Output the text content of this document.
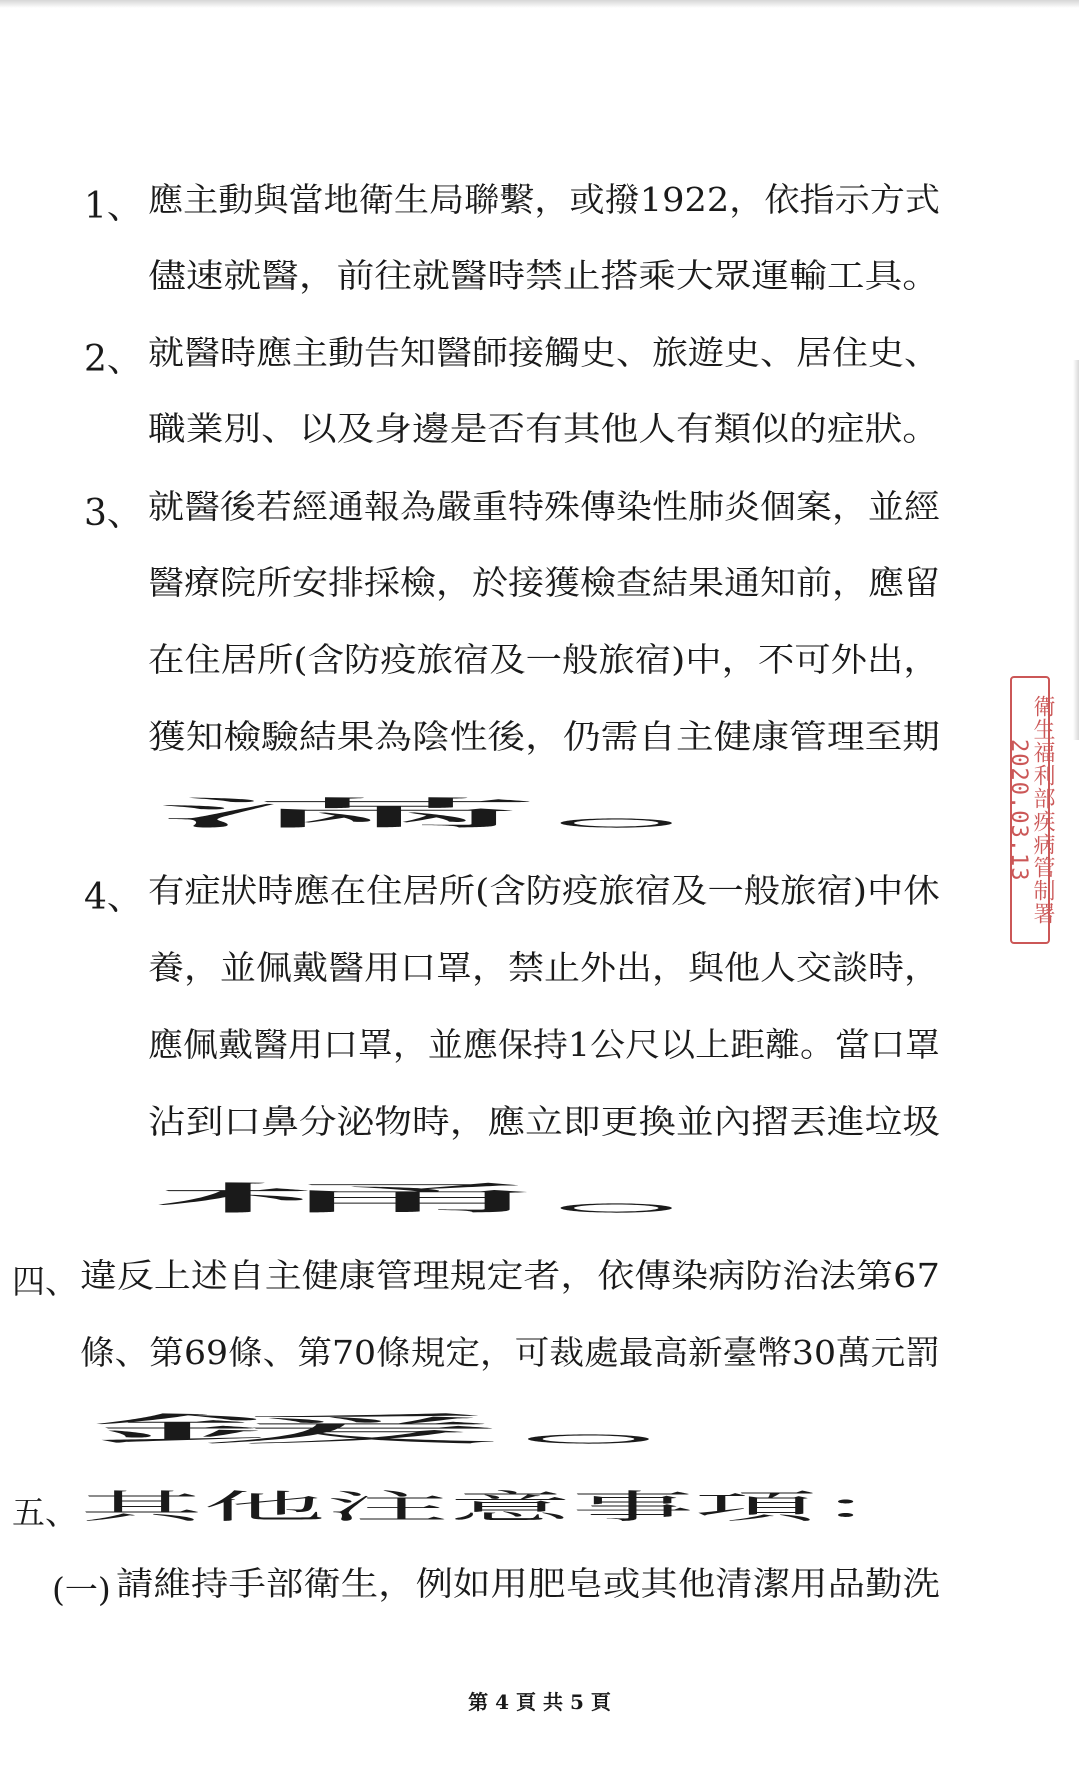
1、 應主動與當地衛生局聯繫，或撥1922，依指示方式
儘速就醫，前往就醫時禁止搭乘大眾運輸工具。
2、 就醫時應主動告知醫師接觸史、旅遊史、居住史、
職業別、以及身邊是否有其他人有類似的症狀。
3、 就醫後若經通報為嚴重特殊傳染性肺炎個案，並經
醫療院所安排採檢，於接獲檢查結果通知前，應留
在住居所(含防疫旅宿及一般旅宿)中，不可外出，
獲知檢驗結果為陰性後，仍需自主健康管理至期
滿。
4、 有症狀時應在住居所(含防疫旅宿及一般旅宿)中休
養，並佩戴醫用口罩，禁止外出，與他人交談時，
應佩戴醫用口罩，並應保持1公尺以上距離。當口罩
沾到口鼻分泌物時，應立即更換並內摺丟進垃圾
桶。
四、 違反上述自主健康管理規定者，依傳染病防治法第67
條、第69條、第70條規定，可裁處最高新臺幣30萬元罰
鍰。
五、 其他注意事項：
(一) 請維持手部衛生，例如用肥皂或其他清潔用品勤洗
衛生福利部疾病管制署 2020.03.13
第 4 頁 共 5 頁
